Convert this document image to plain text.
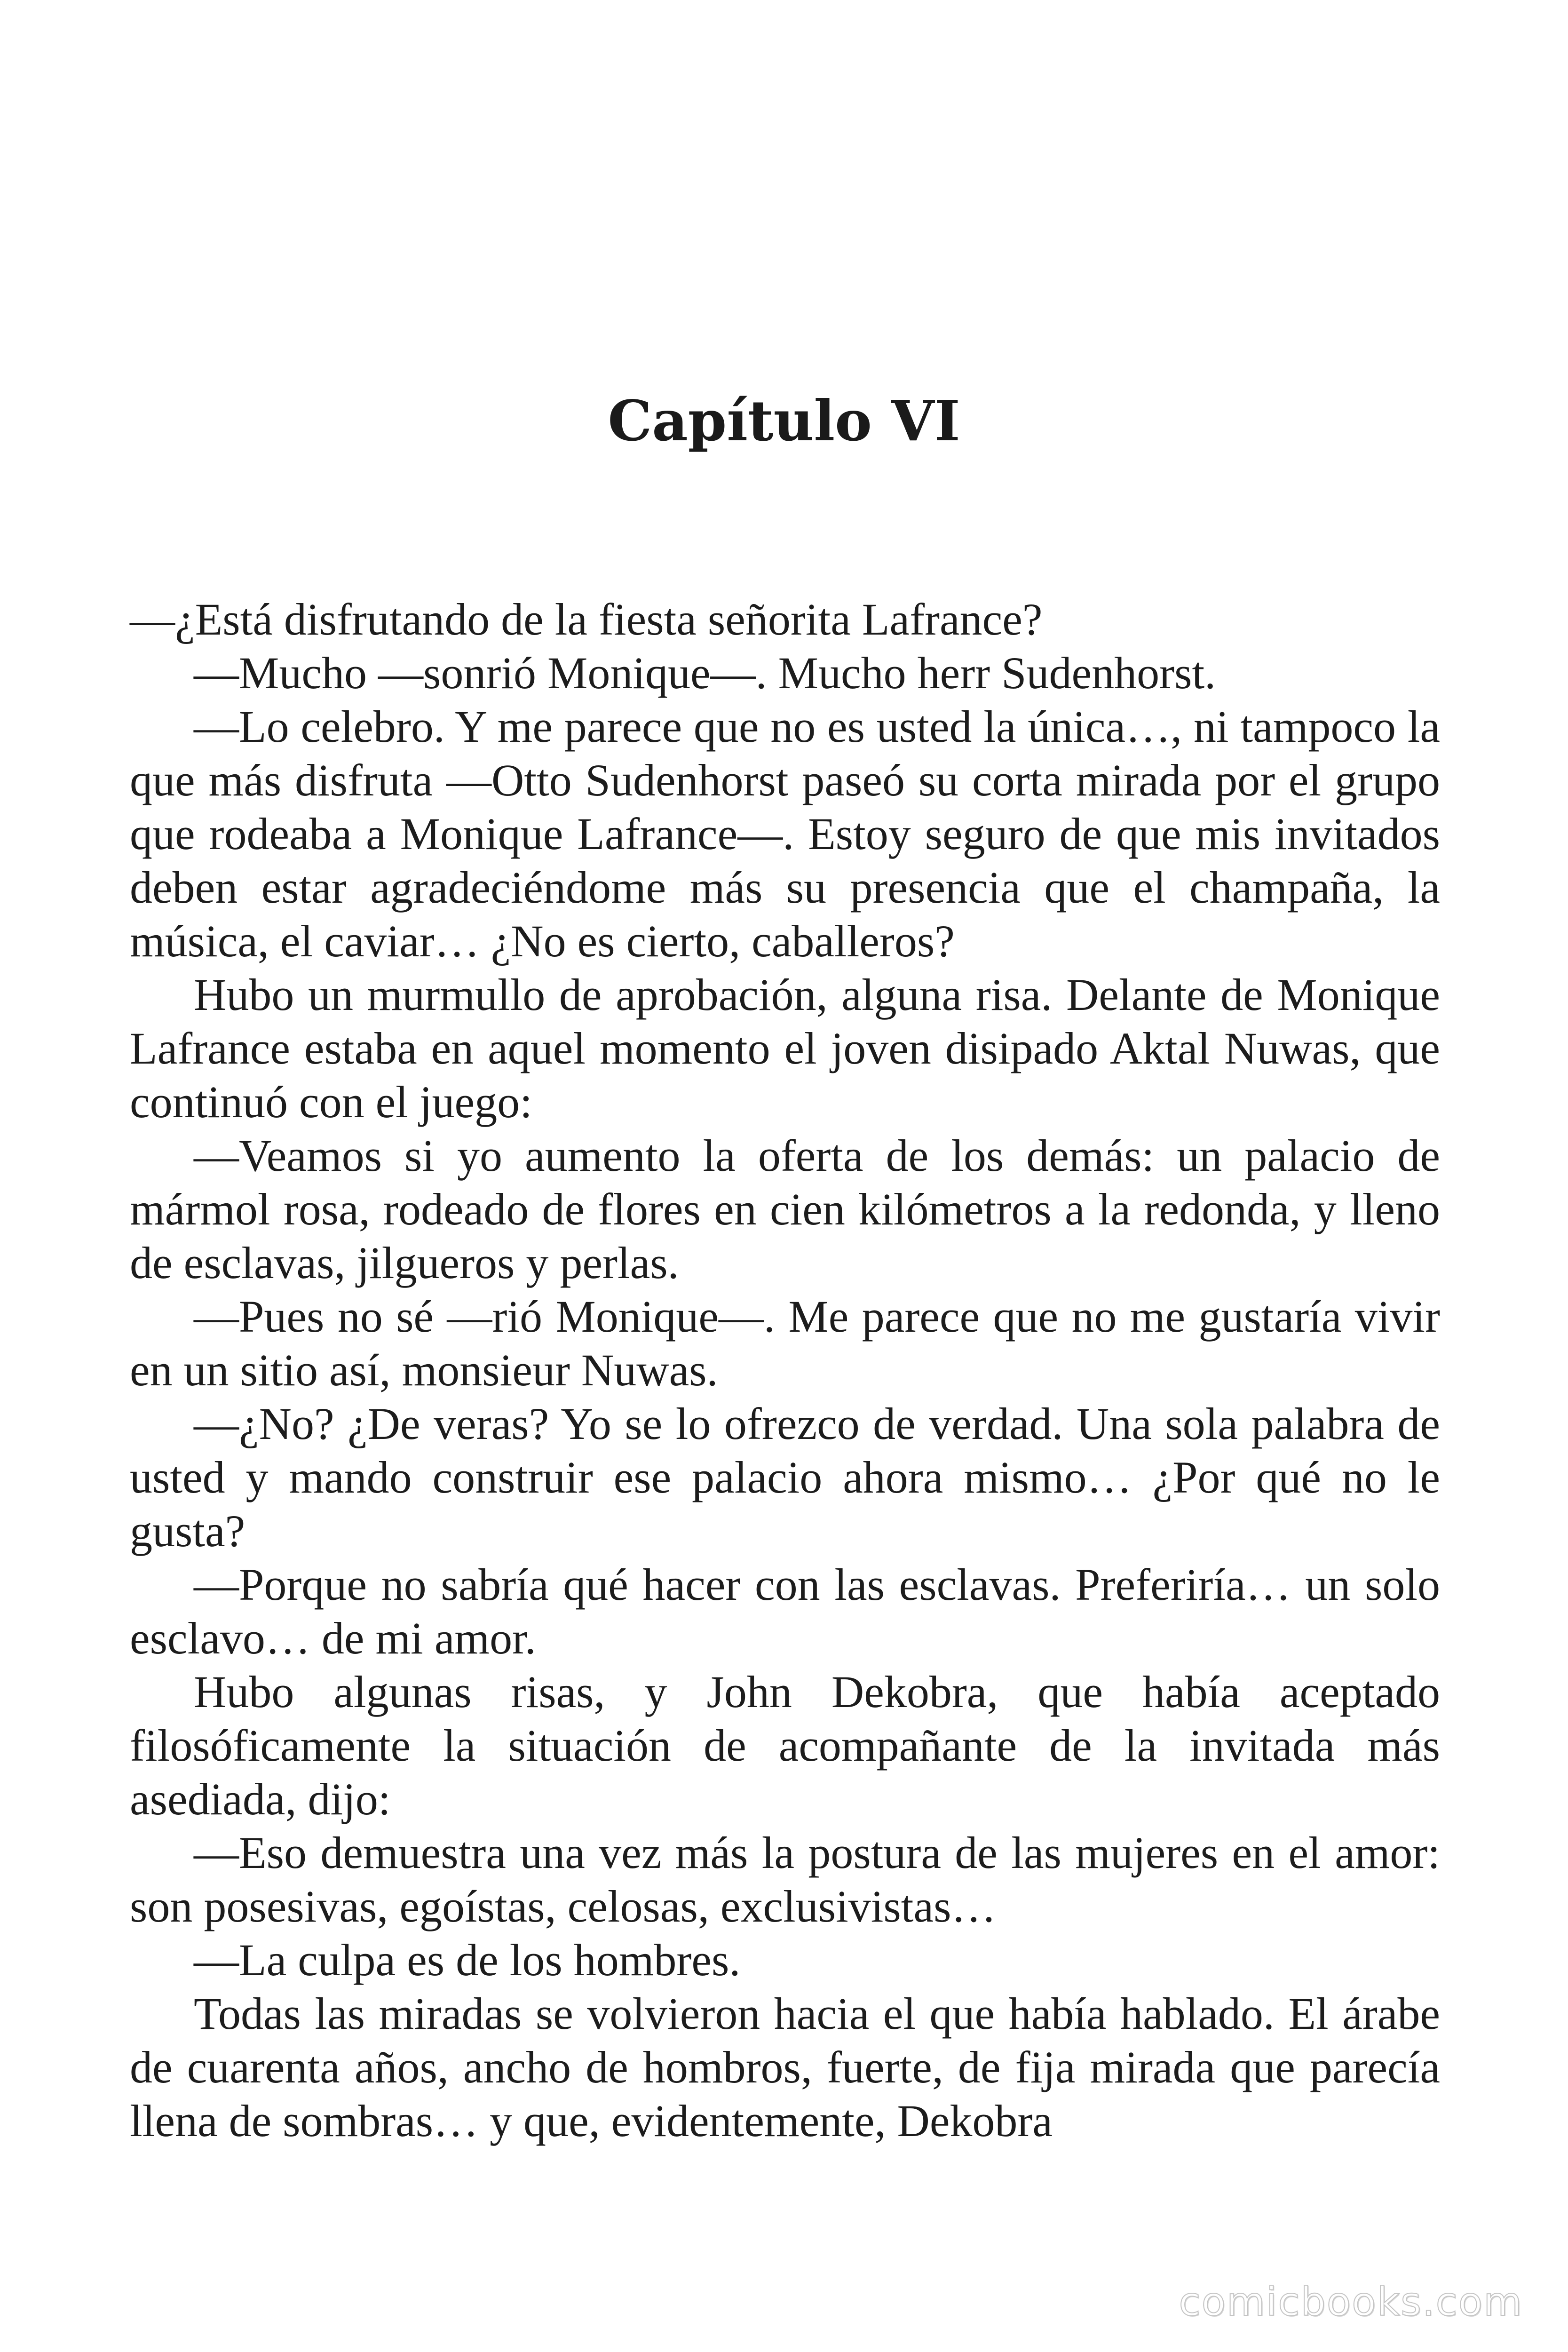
Capítulo VI

—¿Está disfrutando de la fiesta señorita Lafrance?

—Mucho —sonrió Monique—. Mucho herr Sudenhorst.

—Lo celebro. Y me parece que no es usted la única…, ni tampoco la que más disfruta —Otto Sudenhorst paseó su corta mirada por el grupo que rodeaba a Monique Lafrance—. Estoy seguro de que mis invitados deben estar agradeciéndome más su presencia que el champaña, la música, el caviar… ¿No es cierto, caballeros?

Hubo un murmullo de aprobación, alguna risa. Delante de Monique Lafrance estaba en aquel momento el joven disipado Aktal Nuwas, que continuó con el juego:

—Veamos si yo aumento la oferta de los demás: un palacio de mármol rosa, rodeado de flores en cien kilómetros a la redonda, y lleno de esclavas, jilgueros y perlas.

—Pues no sé —rió Monique—. Me parece que no me gustaría vivir en un sitio así, monsieur Nuwas.

—¿No? ¿De veras? Yo se lo ofrezco de verdad. Una sola palabra de usted y mando construir ese palacio ahora mismo… ¿Por qué no le gusta?

—Porque no sabría qué hacer con las esclavas. Preferiría… un solo esclavo… de mi amor.

Hubo algunas risas, y John Dekobra, que había aceptado filosóficamente la situación de acompañante de la invitada más asediada, dijo:

—Eso demuestra una vez más la postura de las mujeres en el amor: son posesivas, egoístas, celosas, exclusivistas…

—La culpa es de los hombres.

Todas las miradas se volvieron hacia el que había hablado. El árabe de cuarenta años, ancho de hombros, fuerte, de fija mirada que parecía llena de sombras… y que, evidentemente, Dekobra

comicbooks.com
